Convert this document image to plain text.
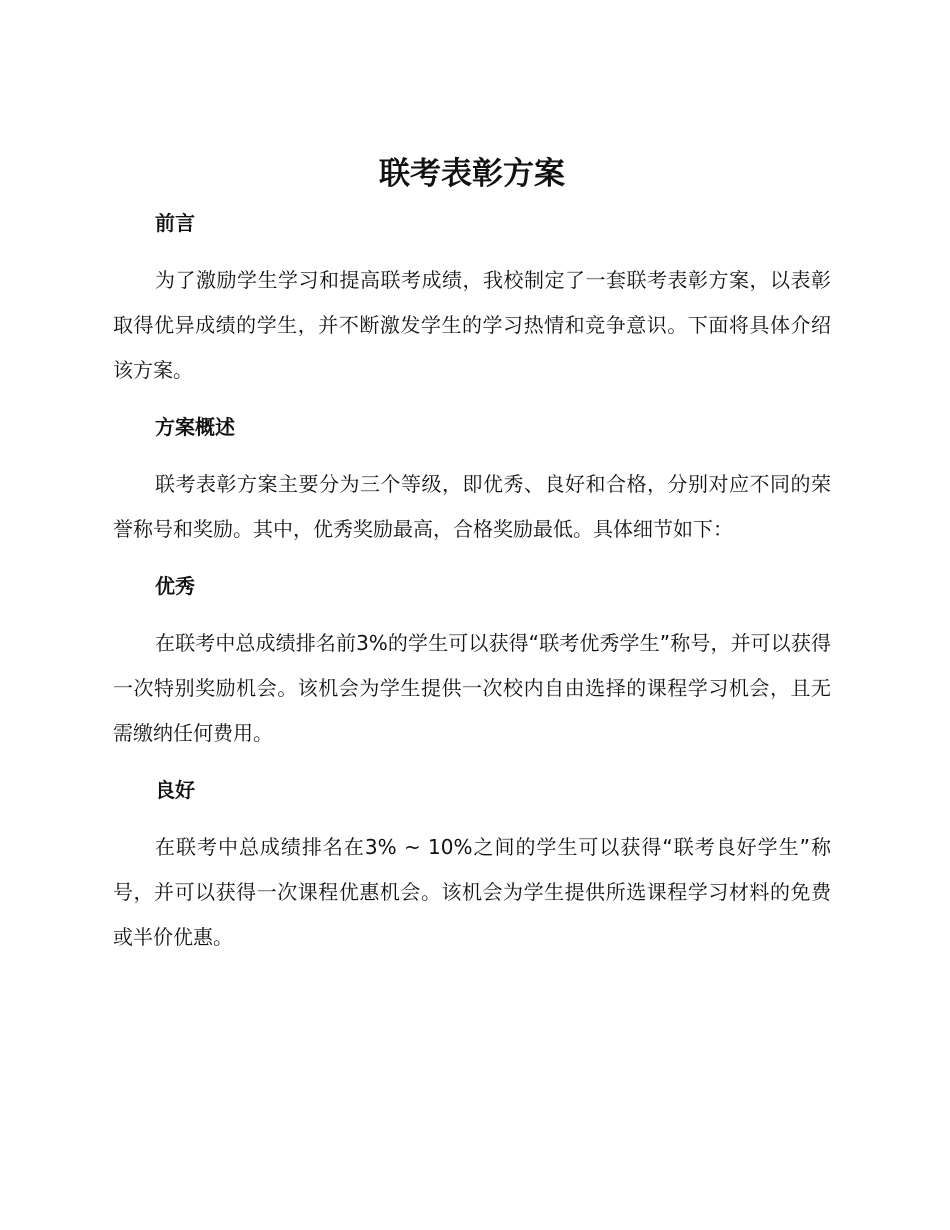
联考表彰方案
前言

为了激励学生学习和提高联考成绩，我校制定了一套联考表彰方案，以表彰取得优异成绩的学生，并不断激发学生的学习热情和竞争意识。下面将具体介绍该方案。

方案概述

联考表彰方案主要分为三个等级，即优秀、良好和合格，分别对应不同的荣誉称号和奖励。其中，优秀奖励最高，合格奖励最低。具体细节如下：

优秀

在联考中总成绩排名前3%的学生可以获得“联考优秀学生”称号，并可以获得一次特别奖励机会。该机会为学生提供一次校内自由选择的课程学习机会，且无需缴纳任何费用。

良好

在联考中总成绩排名在3% ~ 10%之间的学生可以获得“联考良好学生”称号，并可以获得一次课程优惠机会。该机会为学生提供所选课程学习材料的免费或半价优惠。
